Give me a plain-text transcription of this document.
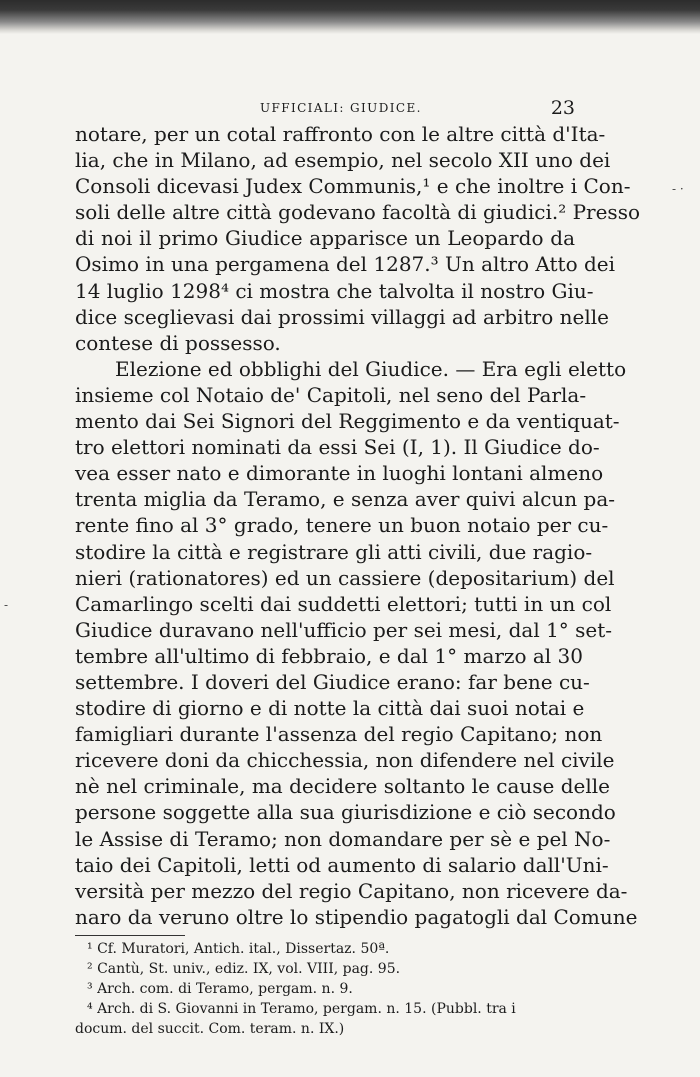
UFFICIALI: GIUDICE.	23
notare, per un cotal raffronto con le altre città d'Ita-
lia, che in Milano, ad esempio, nel secolo XII uno dei
Consoli dicevasi Judex Communis,¹ e che inoltre i Con-
soli delle altre città godevano facoltà di giudici.² Presso
di noi il primo Giudice apparisce un Leopardo da
Osimo in una pergamena del 1287.³ Un altro Atto dei
14 luglio 1298⁴ ci mostra che talvolta il nostro Giu-
dice sceglievasi dai prossimi villaggi ad arbitro nelle
contese di possesso.
Elezione ed obblighi del Giudice. — Era egli eletto
insieme col Notaio de' Capitoli, nel seno del Parla-
mento dai Sei Signori del Reggimento e da ventiquat-
tro elettori nominati da essi Sei (I, 1). Il Giudice do-
vea esser nato e dimorante in luoghi lontani almeno
trenta miglia da Teramo, e senza aver quivi alcun pa-
rente fino al 3° grado, tenere un buon notaio per cu-
stodire la città e registrare gli atti civili, due ragio-
nieri (rationatores) ed un cassiere (depositarium) del
Camarlingo scelti dai suddetti elettori; tutti in un col
Giudice duravano nell'ufficio per sei mesi, dal 1° set-
tembre all'ultimo di febbraio, e dal 1° marzo al 30
settembre. I doveri del Giudice erano: far bene cu-
stodire di giorno e di notte la città dai suoi notai e
famigliari durante l'assenza del regio Capitano; non
ricevere doni da chicchessia, non difendere nel civile
nè nel criminale, ma decidere soltanto le cause delle
persone soggette alla sua giurisdizione e ciò secondo
le Assise di Teramo; non domandare per sè e pel No-
taio dei Capitoli, letti od aumento di salario dall'Uni-
versità per mezzo del regio Capitano, non ricevere da-
naro da veruno oltre lo stipendio pagatogli dal Comune
¹ Cf. Muratori, Antich. ital., Dissertaz. 50ª.
² Cantù, St. univ., ediz. IX, vol. VIII, pag. 95.
³ Arch. com. di Teramo, pergam. n. 9.
⁴ Arch. di S. Giovanni in Teramo, pergam. n. 15. (Pubbl. tra i
docum. del succit. Com. teram. n. IX.)
- ·
-
